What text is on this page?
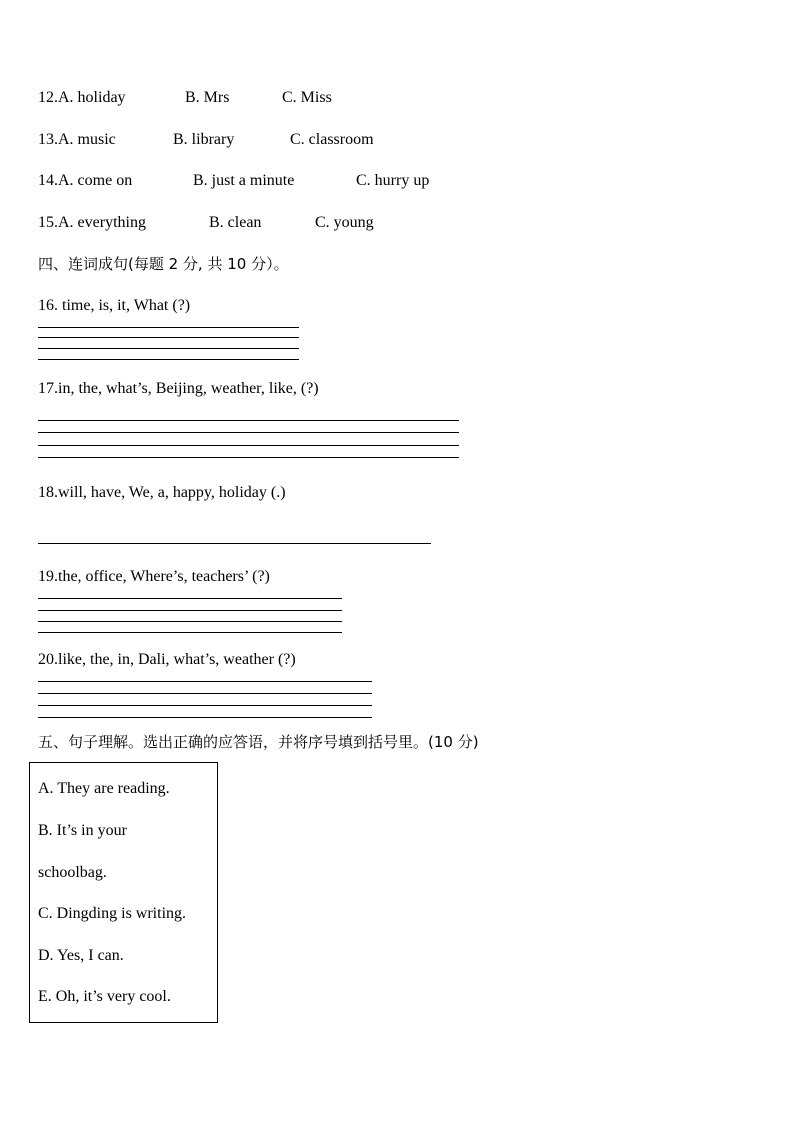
12.A. holiday	B. Mrs	C. Miss
13.A. music	B. library	C. classroom
14.A. come on	B. just a minute	C. hurry up
15.A. everything	B. clean	C. young
四、连词成句(每题 2 分, 共 10 分）。
16. time, is, it, What (?)
17.in, the, what’s, Beijing, weather, like, (?)
18.will, have, We, a, happy, holiday (.)
19.the, office, Where’s, teachers’ (?)
20.like, the, in, Dali, what’s, weather (?)
五、句子理解。选出正确的应答语，并将序号填到括号里。(10 分)
A. They are reading.
B. It’s in your
schoolbag.
C. Dingding is writing.
D. Yes, I can.
E. Oh, it’s very cool.
